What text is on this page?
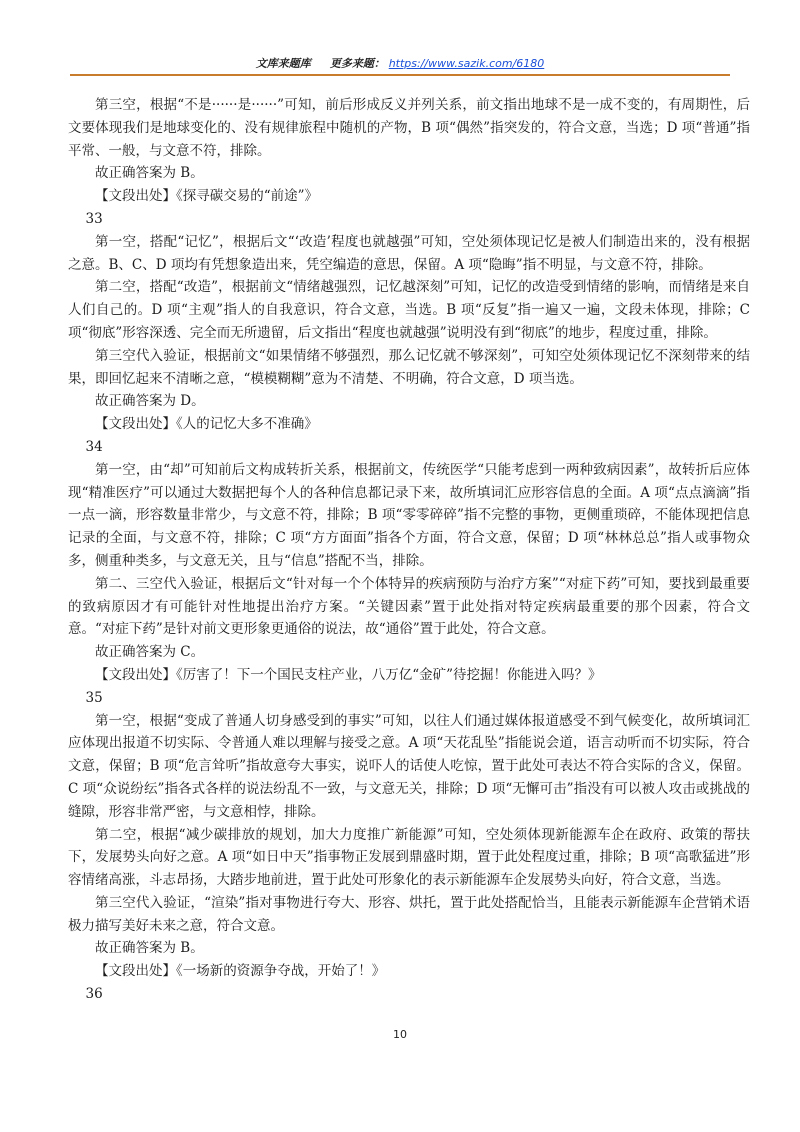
文库来题库 更多来题： https://www.sazik.com/6180

第三空，根据“不是······是······”可知，前后形成反义并列关系，前文指出地球不是一成不变的，有周期性，后文要体现我们是地球变化的、没有规律旅程中随机的产物，B 项“偶然”指突发的，符合文意，当选；D 项“普通”指平常、一般，与文意不符，排除。

故正确答案为 B。

【文段出处】《探寻碳交易的“前途”》

33

第一空，搭配“记忆”，根据后文“‘改造’程度也就越强”可知，空处须体现记忆是被人们制造出来的，没有根据之意。B、C、D 项均有凭想象造出来，凭空编造的意思，保留。A 项“隐晦”指不明显，与文意不符，排除。

第二空，搭配“改造”，根据前文“情绪越强烈，记忆越深刻”可知，记忆的改造受到情绪的影响，而情绪是来自人们自己的。D 项“主观”指人的自我意识，符合文意，当选。B 项“反复”指一遍又一遍，文段未体现，排除；C 项“彻底”形容深透、完全而无所遗留，后文指出“程度也就越强”说明没有到“彻底”的地步，程度过重，排除。

第三空代入验证，根据前文“如果情绪不够强烈，那么记忆就不够深刻”，可知空处须体现记忆不深刻带来的结果，即回忆起来不清晰之意，“模模糊糊”意为不清楚、不明确，符合文意，D 项当选。

故正确答案为 D。

【文段出处】《人的记忆大多不准确》

34

第一空，由“却”可知前后文构成转折关系，根据前文，传统医学“只能考虑到一两种致病因素”，故转折后应体现“精准医疗”可以通过大数据把每个人的各种信息都记录下来，故所填词汇应形容信息的全面。A 项“点点滴滴”指一点一滴，形容数量非常少，与文意不符，排除；B 项“零零碎碎”指不完整的事物，更侧重琐碎，不能体现把信息记录的全面，与文意不符，排除；C 项“方方面面”指各个方面，符合文意，保留；D 项“林林总总”指人或事物众多，侧重种类多，与文意无关，且与“信息”搭配不当，排除。

第二、三空代入验证，根据后文“针对每一个个体特异的疾病预防与治疗方案”“对症下药”可知，要找到最重要的致病原因才有可能针对性地提出治疗方案。“关键因素”置于此处指对特定疾病最重要的那个因素，符合文意。“对症下药”是针对前文更形象更通俗的说法，故“通俗”置于此处，符合文意。

故正确答案为 C。

【文段出处】《厉害了！下一个国民支柱产业，八万亿“金矿”待挖掘！你能进入吗？》

35

第一空，根据“变成了普通人切身感受到的事实”可知，以往人们通过媒体报道感受不到气候变化，故所填词汇应体现出报道不切实际、令普通人难以理解与接受之意。A 项“天花乱坠”指能说会道，语言动听而不切实际，符合文意，保留；B 项“危言耸听”指故意夸大事实，说吓人的话使人吃惊，置于此处可表达不符合实际的含义，保留。C 项“众说纷纭”指各式各样的说法纷乱不一致，与文意无关，排除；D 项“无懈可击”指没有可以被人攻击或挑战的缝隙，形容非常严密，与文意相悖，排除。

第二空，根据“减少碳排放的规划，加大力度推广新能源”可知，空处须体现新能源车企在政府、政策的帮扶下，发展势头向好之意。A 项“如日中天”指事物正发展到鼎盛时期，置于此处程度过重，排除；B 项“高歌猛进”形容情绪高涨，斗志昂扬，大踏步地前进，置于此处可形象化的表示新能源车企发展势头向好，符合文意，当选。

第三空代入验证，“渲染”指对事物进行夸大、形容、烘托，置于此处搭配恰当，且能表示新能源车企营销术语极力描写美好未来之意，符合文意。

故正确答案为 B。

【文段出处】《一场新的资源争夺战，开始了！》

36

10
